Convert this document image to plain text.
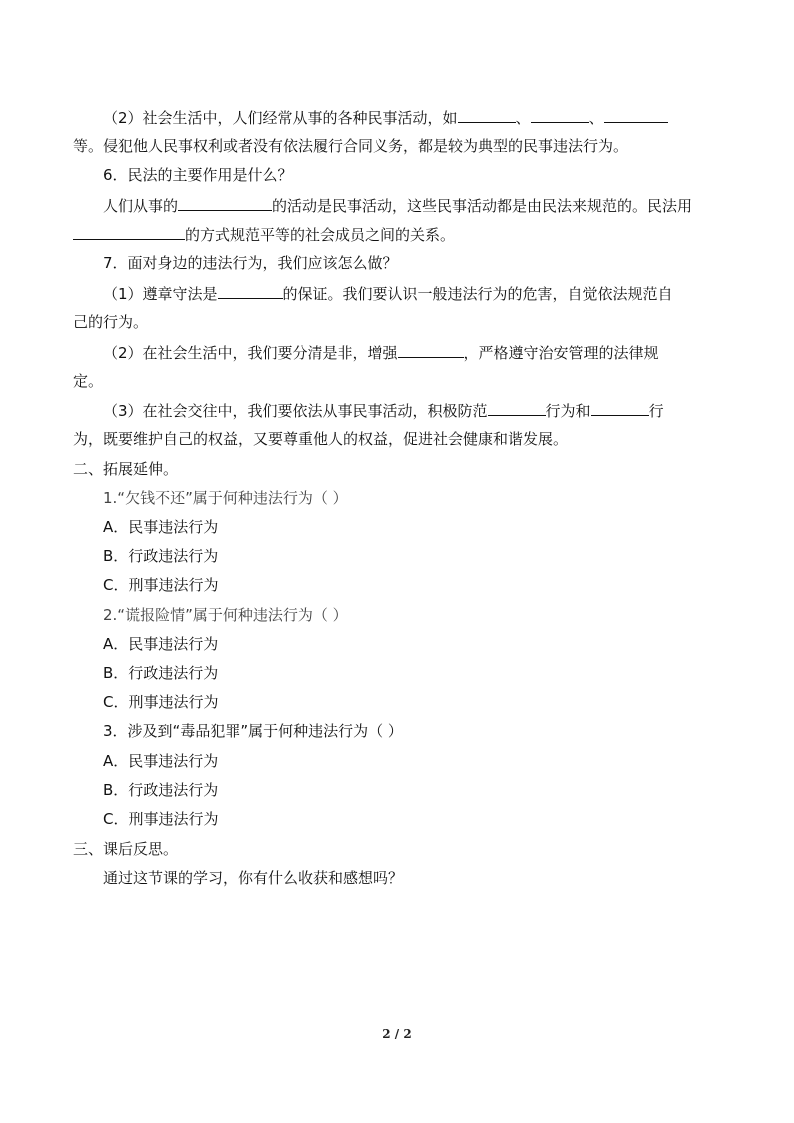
（2）社会生活中，人们经常从事的各种民事活动，如	、	、
等。侵犯他人民事权利或者没有依法履行合同义务，都是较为典型的民事违法行为。
6．民法的主要作用是什么？
人们从事的	的活动是民事活动，这些民事活动都是由民法来规范的。民法用
的方式规范平等的社会成员之间的关系。
7．面对身边的违法行为，我们应该怎么做？
（1）遵章守法是	的保证。我们要认识一般违法行为的危害，自觉依法规范自
己的行为。
（2）在社会生活中，我们要分清是非，增强	，严格遵守治安管理的法律规
定。
（3）在社会交往中，我们要依法从事民事活动，积极防范	行为和	行
为，既要维护自己的权益，又要尊重他人的权益，促进社会健康和谐发展。
二、拓展延伸。
1.“欠钱不还”属于何种违法行为（ ）
A．民事违法行为
B．行政违法行为
C．刑事违法行为
2.“谎报险情”属于何种违法行为（ ）
A．民事违法行为
B．行政违法行为
C．刑事违法行为
3．涉及到“毒品犯罪”属于何种违法行为（ ）
A．民事违法行为
B．行政违法行为
C．刑事违法行为
三、课后反思。
通过这节课的学习，你有什么收获和感想吗？
2 / 2
